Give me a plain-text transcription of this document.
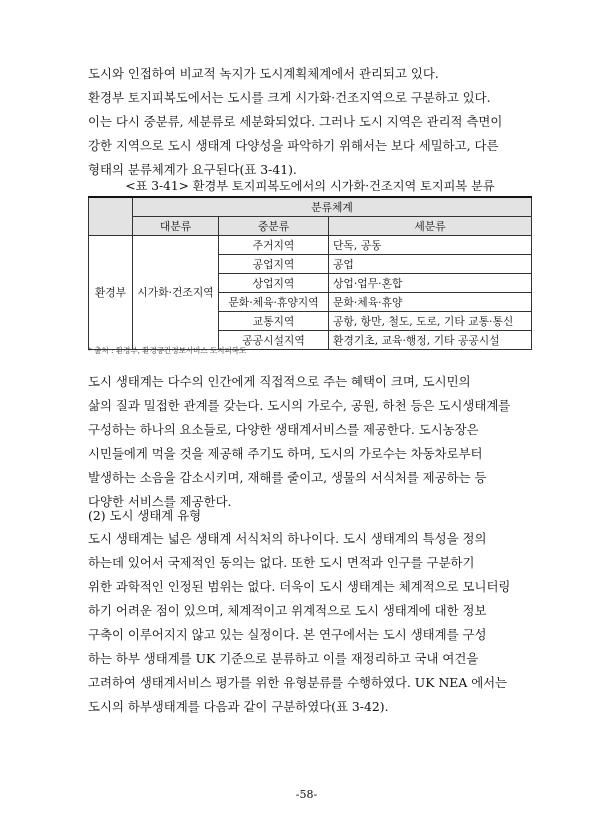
도시와 인접하여 비교적 녹지가 도시계획체계에서 관리되고 있다.
환경부 토지피복도에서는 도시를 크게 시가화·건조지역으로 구분하고 있다.
이는 다시 중분류, 세분류로 세분화되었다. 그러나 도시 지역은 관리적 측면이
강한 지역으로 도시 생태계 다양성을 파악하기 위해서는 보다 세밀하고, 다른
형태의 분류체계가 요구된다(표 3-41).

<표 3-41> 환경부 토지피복도에서의 시가화·건조지역 토지피복 분류

	분류체계		
	대분류	중분류	세분류
환경부	시가화·건조지역	주거지역	단독, 공동
		공업지역	공업
		상업지역	상업·업무·혼합
		문화·체육·휴양지역	문화·체육·휴양
		교통지역	공항, 항만, 철도, 도로, 기타 교통·통신
		공공시설지역	환경기초, 교육·행정, 기타 공공시설

* 출처 : 환경부, 환경공간정보서비스 토지피복도

도시 생태계는 다수의 인간에게 직접적으로 주는 혜택이 크며, 도시민의
삶의 질과 밀접한 관계를 갖는다. 도시의 가로수, 공원, 하천 등은 도시생태계를
구성하는 하나의 요소들로, 다양한 생태계서비스를 제공한다. 도시농장은
시민들에게 먹을 것을 제공해 주기도 하며, 도시의 가로수는 차동차로부터
발생하는 소음을 감소시키며, 재해를 줄이고, 생물의 서식처를 제공하는 등
다양한 서비스를 제공한다.

(2) 도시 생태계 유형

도시 생태계는 넓은 생태계 서식처의 하나이다. 도시 생태계의 특성을 정의
하는데 있어서 국제적인 동의는 없다. 또한 도시 면적과 인구를 구분하기
위한 과학적인 인정된 범위는 없다. 더욱이 도시 생태계는 체계적으로 모니터링
하기 어려운 점이 있으며, 체계적이고 위계적으로 도시 생태계에 대한 정보
구축이 이루어지지 않고 있는 실정이다. 본 연구에서는 도시 생태계를 구성
하는 하부 생태계를 UK 기준으로 분류하고 이를 재정리하고 국내 여건을
고려하여 생태계서비스 평가를 위한 유형분류를 수행하였다. UK NEA 에서는
도시의 하부생태계를 다음과 같이 구분하였다(표 3-42).

-58-
